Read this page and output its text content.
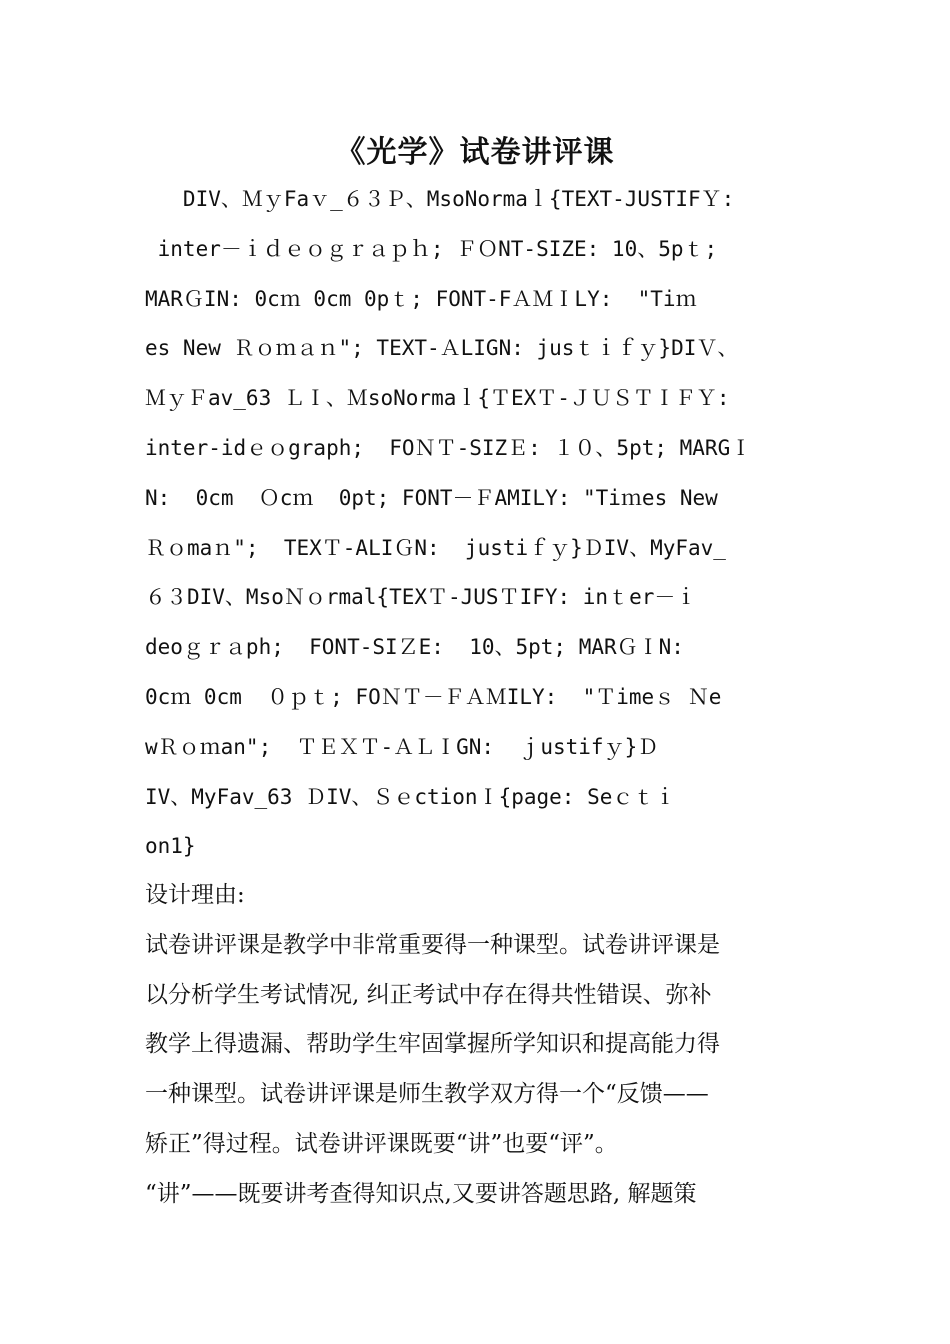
《光学》试卷讲评课
DIV、ＭｙFaｖ_６３Ｐ、MsoNormaｌ{TEXT-JUSTIFＹ:
inter－ｉｄｅｏｇｒａｐｈ; ＦＯNT-SIZE: 10、5pｔ;
MARＧIN: 0cｍ 0cm 0pｔ; FONT-FＡＭＩLY:  "Tiｍ
es New Ｒｏｍａｎ"; TEXT-ＡLIGN: jusｔｉｆｙ}DIＶ、
ＭｙＦav_63 ＬＩ、ＭsoNormaｌ{ＴEXＴ-ＪＵＳＴＩＦＹ:
inter-idｅｏgraph;  FOＮＴ-SIZＥ: １０、5pt; MARGＩ
N:  0cm  Ｏcｍ  0pt; FONT－ＦAMILY: "Tiｍes New
Ｒｏmaｎ";  TEXＴ-ALIＧN:  justiｆｙ}ＤIV、MyFav_
６３DIV、MsoＮｏrmal{TEXＴ-JUSＴIFY: inｔer－ｉ
deoｇｒａph;  FONT-SIＺE:  10、5pt; MARＧＩN:
0cｍ 0cm  ０ｐｔ; FOＮＴ－ＦＡＭILY:  "Ｔimeｓ Ｎe
wＲｏｍan";  ＴＥＸＴ-ＡＬＩGN:  ｊustifｙ}Ｄ
IV、MyFav_63 ＤIV、ＳｅctionＩ{page: Seｃｔｉ
on1}
设计理由:
试卷讲评课是教学中非常重要得一种课型。试卷讲评课是
以分析学生考试情况, 纠正考试中存在得共性错误、弥补
教学上得遗漏、帮助学生牢固掌握所学知识和提高能力得
一种课型。试卷讲评课是师生教学双方得一个“反馈——
矫正”得过程。试卷讲评课既要“讲”也要“评”。
“讲”——既要讲考查得知识点,又要讲答题思路, 解题策
